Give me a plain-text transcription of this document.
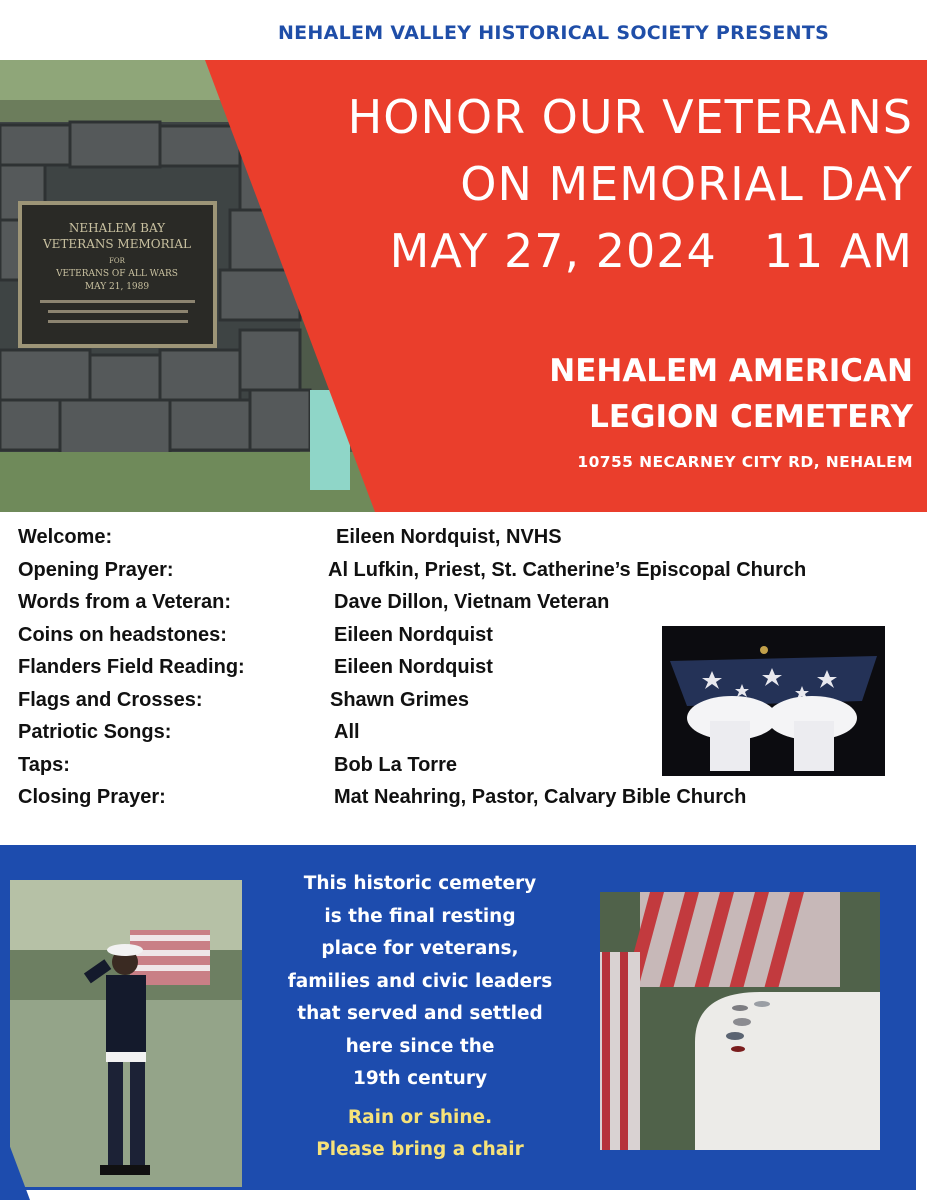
NEHALEM VALLEY HISTORICAL SOCIETY PRESENTS
NEHALEM BAY
VETERANS MEMORIAL
FOR
VETERANS OF ALL WARS
MAY 21, 1989
HONOR OUR VETERANS
ON MEMORIAL DAY
MAY 27, 2024   11 AM
NEHALEM AMERICAN
LEGION CEMETERY
10755 NECARNEY CITY RD, NEHALEM
Welcome:	Eileen Nordquist, NVHS
Opening Prayer:	Al Lufkin, Priest, St. Catherine’s Episcopal Church
Words from a Veteran:	Dave Dillon, Vietnam Veteran
Coins on headstones:	Eileen Nordquist
Flanders Field Reading:	Eileen Nordquist
Flags and Crosses:	Shawn Grimes
Patriotic Songs:	All
Taps:	Bob La Torre
Closing Prayer:	Mat Neahring, Pastor, Calvary Bible Church
This historic cemetery
is the final resting
place for veterans,
families and civic leaders
that served and settled
here since the
19th century
Rain or shine.
Please bring a chair
